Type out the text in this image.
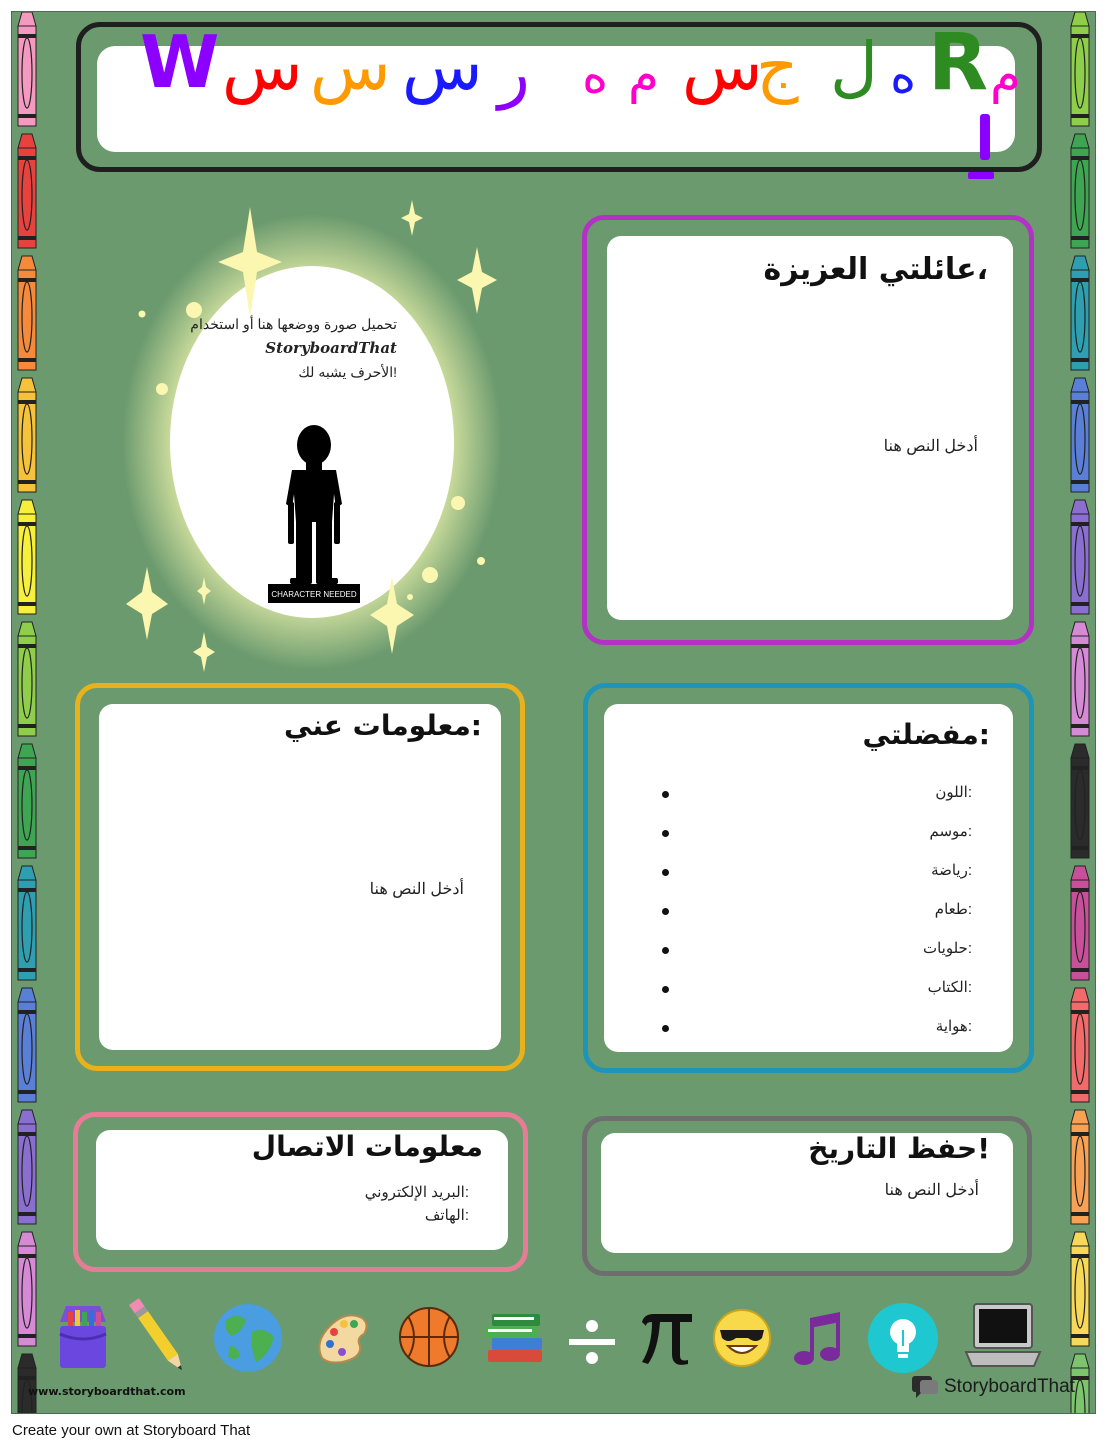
W س س س ر ه م س
ج ل ه R م
CHARACTER NEEDED
تحميل صورة ووضعها هنا أو استخدام
StoryboardThat
!الأحرف يشبه لك
،عائلتي العزيزة
أدخل النص هنا
:معلومات عني
أدخل النص هنا
:مفضلتي
:اللون
:موسم
:رياضة
:طعام
:حلويات
:الكتاب
:هواية
معلومات الاتصال
:البريد الإلكتروني
:الهاتف
!حفظ التاريخ
أدخل النص هنا
www.storyboardthat.com	StoryboardThat
Create your own at Storyboard That
